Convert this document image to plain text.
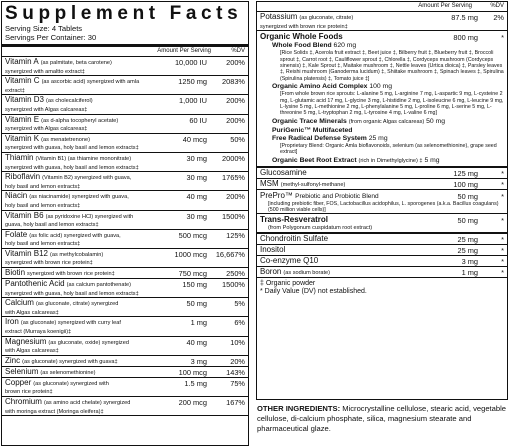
Supplement Facts
Serving Size: 4 Tablets
Servings Per Container: 30
Amount Per Serving	%DV
Vitamin A (as palmitate, beta carotene)
synergized with amaltto extract‡
10,000 IU	200%
Vitamin C (as ascorbic acid) synergized with amla extract‡
1250 mg	2083%
Vitamin D3 (as cholecalciferol)
synergized with Algas calcareas‡
1,000 IU	200%
Vitamin E (as d-alpha tocopheryl acetate)
synergized with Algas calcareas‡
60 IU	200%
Vitamin K (as menatetrenone)
synergized with guava, holy basil and lemon extracts‡
40 mcg	50%
Thiamin (Vitamin B1) (as thiamine mononitrate)
synergized with guava, holy basil and lemon extracts‡
30 mg	2000%
Riboflavin (Vitamin B2) synergized with guava,
holy basil and lemon extracts‡
30 mg	1765%
Niacin (as niacinamide) synergized with guava,
holy basil and lemon extracts‡
40 mg	200%
Vitamin B6 (as pyridoxine HCl) synergized with
guava, holy basil and lemon extracts‡
30 mg	1500%
Folate (as folic acid) synergized with guava,
holy basil and lemon extracts‡
500 mcg	125%
Vitamin B12 (as methylcobalamin)
synergized with brown rice protein‡
1000 mcg	16,667%
Biotin synergized with brown rice protein‡	750 mcg	250%
Pantothenic Acid (as calcium pantothenate)
synergized with guava, holy basil and lemon extracts‡
150 mg	1500%
Calcium (as gluconate, citrate) synergized
with Algas calcareas‡
50 mg	5%
Iron (as gluconate) synergized with curry leaf
extract (Murraya koenigii)‡
1 mg	6%
Magnesium (as gluconate, oxide) synergized
with Algas calcareas‡
40 mg	10%
Zinc (as gluconate) synergized with guava‡	3 mg	20%
Selenium (as selenomethionine)	100 mcg	143%
Copper (as gluconate) synergized with
brown rice protein‡
1.5 mg	75%
Chromium (as amino acid chelate) synergized
with moringa extract (Moringa oleifera)‡
200 mcg	167%
Amount Per Serving	%DV
Potassium (as gluconate, citrate)
synergized with brown rice protein‡
87.5 mg	2%
Organic Whole Foods	800 mg	*
Whole Food Blend
620 mg
[Rice Solids ‡, Acerola fruit extract ‡, Beet juice ‡, Bilberry fruit ‡, Blueberry fruit ‡, Broccoli sprout ‡, Carrot root ‡, Cauliflower sprout ‡, Chlorella ‡, Cordyceps mushroom (Cordyceps sinensis) ‡, Kale Sprout ‡, Maitake mushroom ‡, Nettle leaves (Urtica dioica) ‡, Parsley leaves ‡, Reishi mushroom (Ganoderma lucidum) ‡, Shiitake mushroom ‡, Spinach leaves ‡, Spirulina (Spirulina platensis) ‡, Tomato juice ‡]
Organic Amino Acid Complex
100 mg
[From whole brown rice sprouts: L-alanine 5 mg, L-arginine 7 mg, L-aspartic 9 mg, L-cysteine 2 mg, L-glutamic acid 17 mg, L-glycine 3 mg, L-histidine 2 mg, L-isoleucine 6 mg, L-leucine 9 mg, L-lysine 5 mg, L-methionine 2 mg, L-phenylalanine 5 mg, L-proline 6 mg, L-serine 5 mg, L-threonine 5 mg, L-tryptophan 2 mg, L-tyrosine 4 mg, L-valine 6 mg]
Organic Trace Minerals (from organic Algas calcareas) 50 mg
PuriGenic™ Multifaceted
Free Radical Defense System
25 mg
[Proprietary Blend: Organic Amla bioflavonoids, selenium (as selenomethionine), grape seed extract]
Organic Beet Root Extract (rich in Dimethylglycine) ‡ 5 mg
Glucosamine	125 mg	*
MSM (methyl-sulfonyl-methane)	100 mg	*
PrePro™ Prebiotic and Probiotic Blend	50 mg	*
[including prebiotic fiber, FOS, Lactobacillus acidophilus, L. sporogenes (a.k.a. Bacillus coagulans) (500 million viable cells)]
Trans-Resveratrol	50 mg	*
(from Polygonum cuspidatum root extract)
Chondroitin Sulfate	25 mg	*
Inositol	25 mg	*
Co-enzyme Q10	3 mg	*
Boron (as sodium borate)	1 mg	*
‡ Organic powder
* Daily Value (DV) not established.
OTHER INGREDIENTS: Microcrystalline cellulose, stearic acid, vegetable cellulose, di-calcium phosphate, silica, magnesium stearate and pharmaceutical glaze.
